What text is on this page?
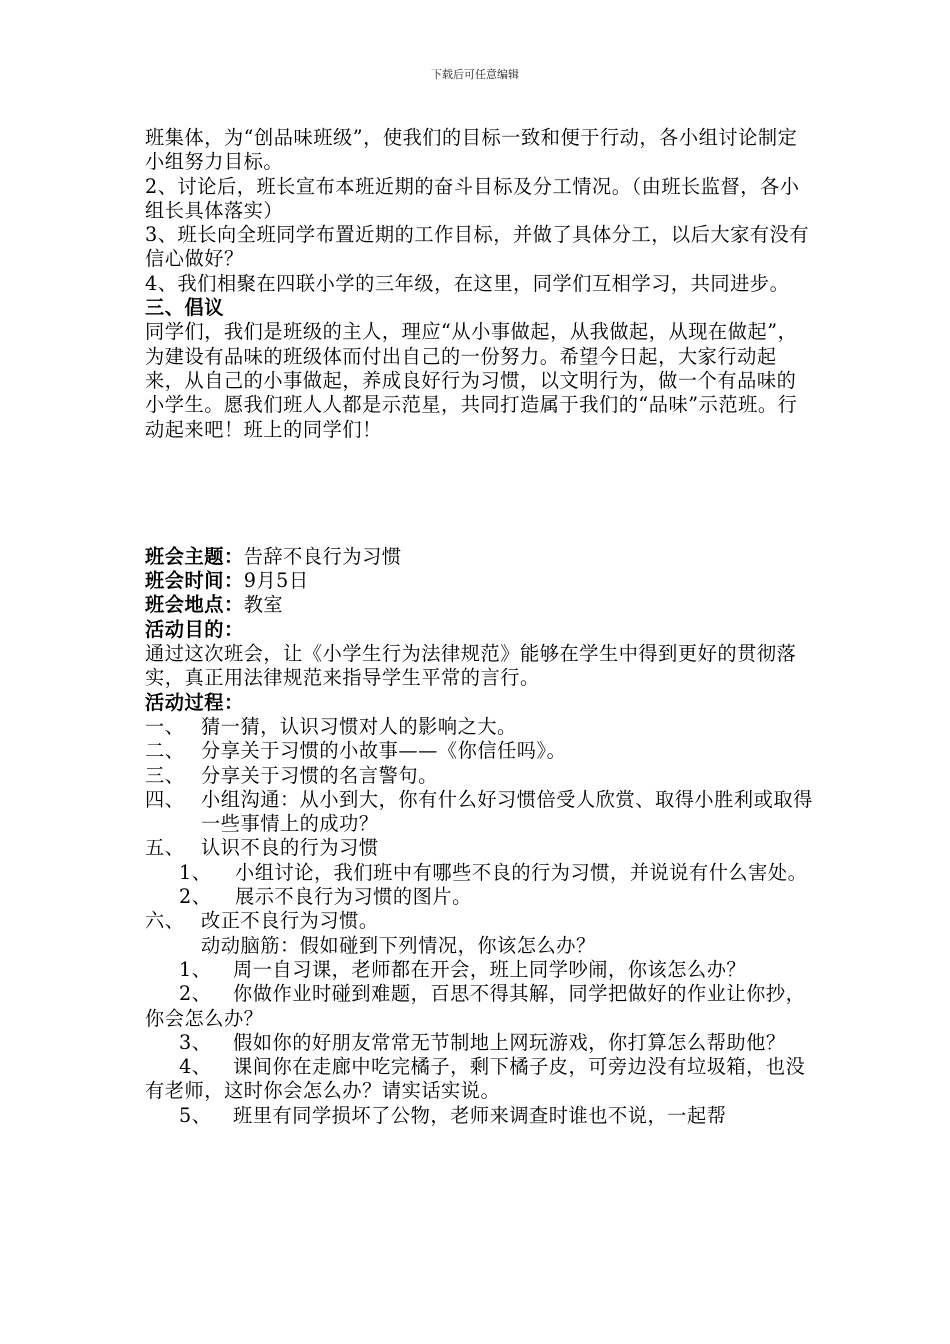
下载后可任意编辑

班集体，为“创品味班级”，使我们的目标一致和便于行动，各小组讨论制定小组努力目标。

2、讨论后，班长宣布本班近期的奋斗目标及分工情况。（由班长监督，各小组长具体落实）

3、班长向全班同学布置近期的工作目标，并做了具体分工，以后大家有没有信心做好？

4、我们相聚在四联小学的三年级，在这里，同学们互相学习，共同进步。

三、倡议

同学们，我们是班级的主人，理应“从小事做起，从我做起，从现在做起”，为建设有品味的班级体而付出自己的一份努力。希望今日起，大家行动起来，从自己的小事做起，养成良好行为习惯，以文明行为，做一个有品味的小学生。愿我们班人人都是示范星，共同打造属于我们的“品味”示范班。行动起来吧！班上的同学们！

班会主题：告辞不良行为习惯

班会时间：9月5日

班会地点：教室

活动目的：

通过这次班会，让《小学生行为法律规范》能够在学生中得到更好的贯彻落实，真正用法律规范来指导学生平常的言行。

活动过程：

一、 猜一猜，认识习惯对人的影响之大。
二、 分享关于习惯的小故事——《你信任吗》。
三、 分享关于习惯的名言警句。
四、 小组沟通：从小到大，你有什么好习惯倍受人欣赏、取得小胜利或取得一些事情上的成功？
五、 认识不良的行为习惯
1、	小组讨论，我们班中有哪些不良的行为习惯，并说说有什么害处。
2、	展示不良行为习惯的图片。
六、 改正不良行为习惯。

动动脑筋：假如碰到下列情况，你该怎么办？

1、 周一自习课，老师都在开会，班上同学吵闹，你该怎么办？

2、 你做作业时碰到难题，百思不得其解，同学把做好的作业让你抄，你会怎么办？

3、 假如你的好朋友常常无节制地上网玩游戏，你打算怎么帮助他？

4、 课间你在走廊中吃完橘子，剩下橘子皮，可旁边没有垃圾箱，也没有老师，这时你会怎么办？请实话实说。

5、 班里有同学损坏了公物，老师来调查时谁也不说，一起帮
